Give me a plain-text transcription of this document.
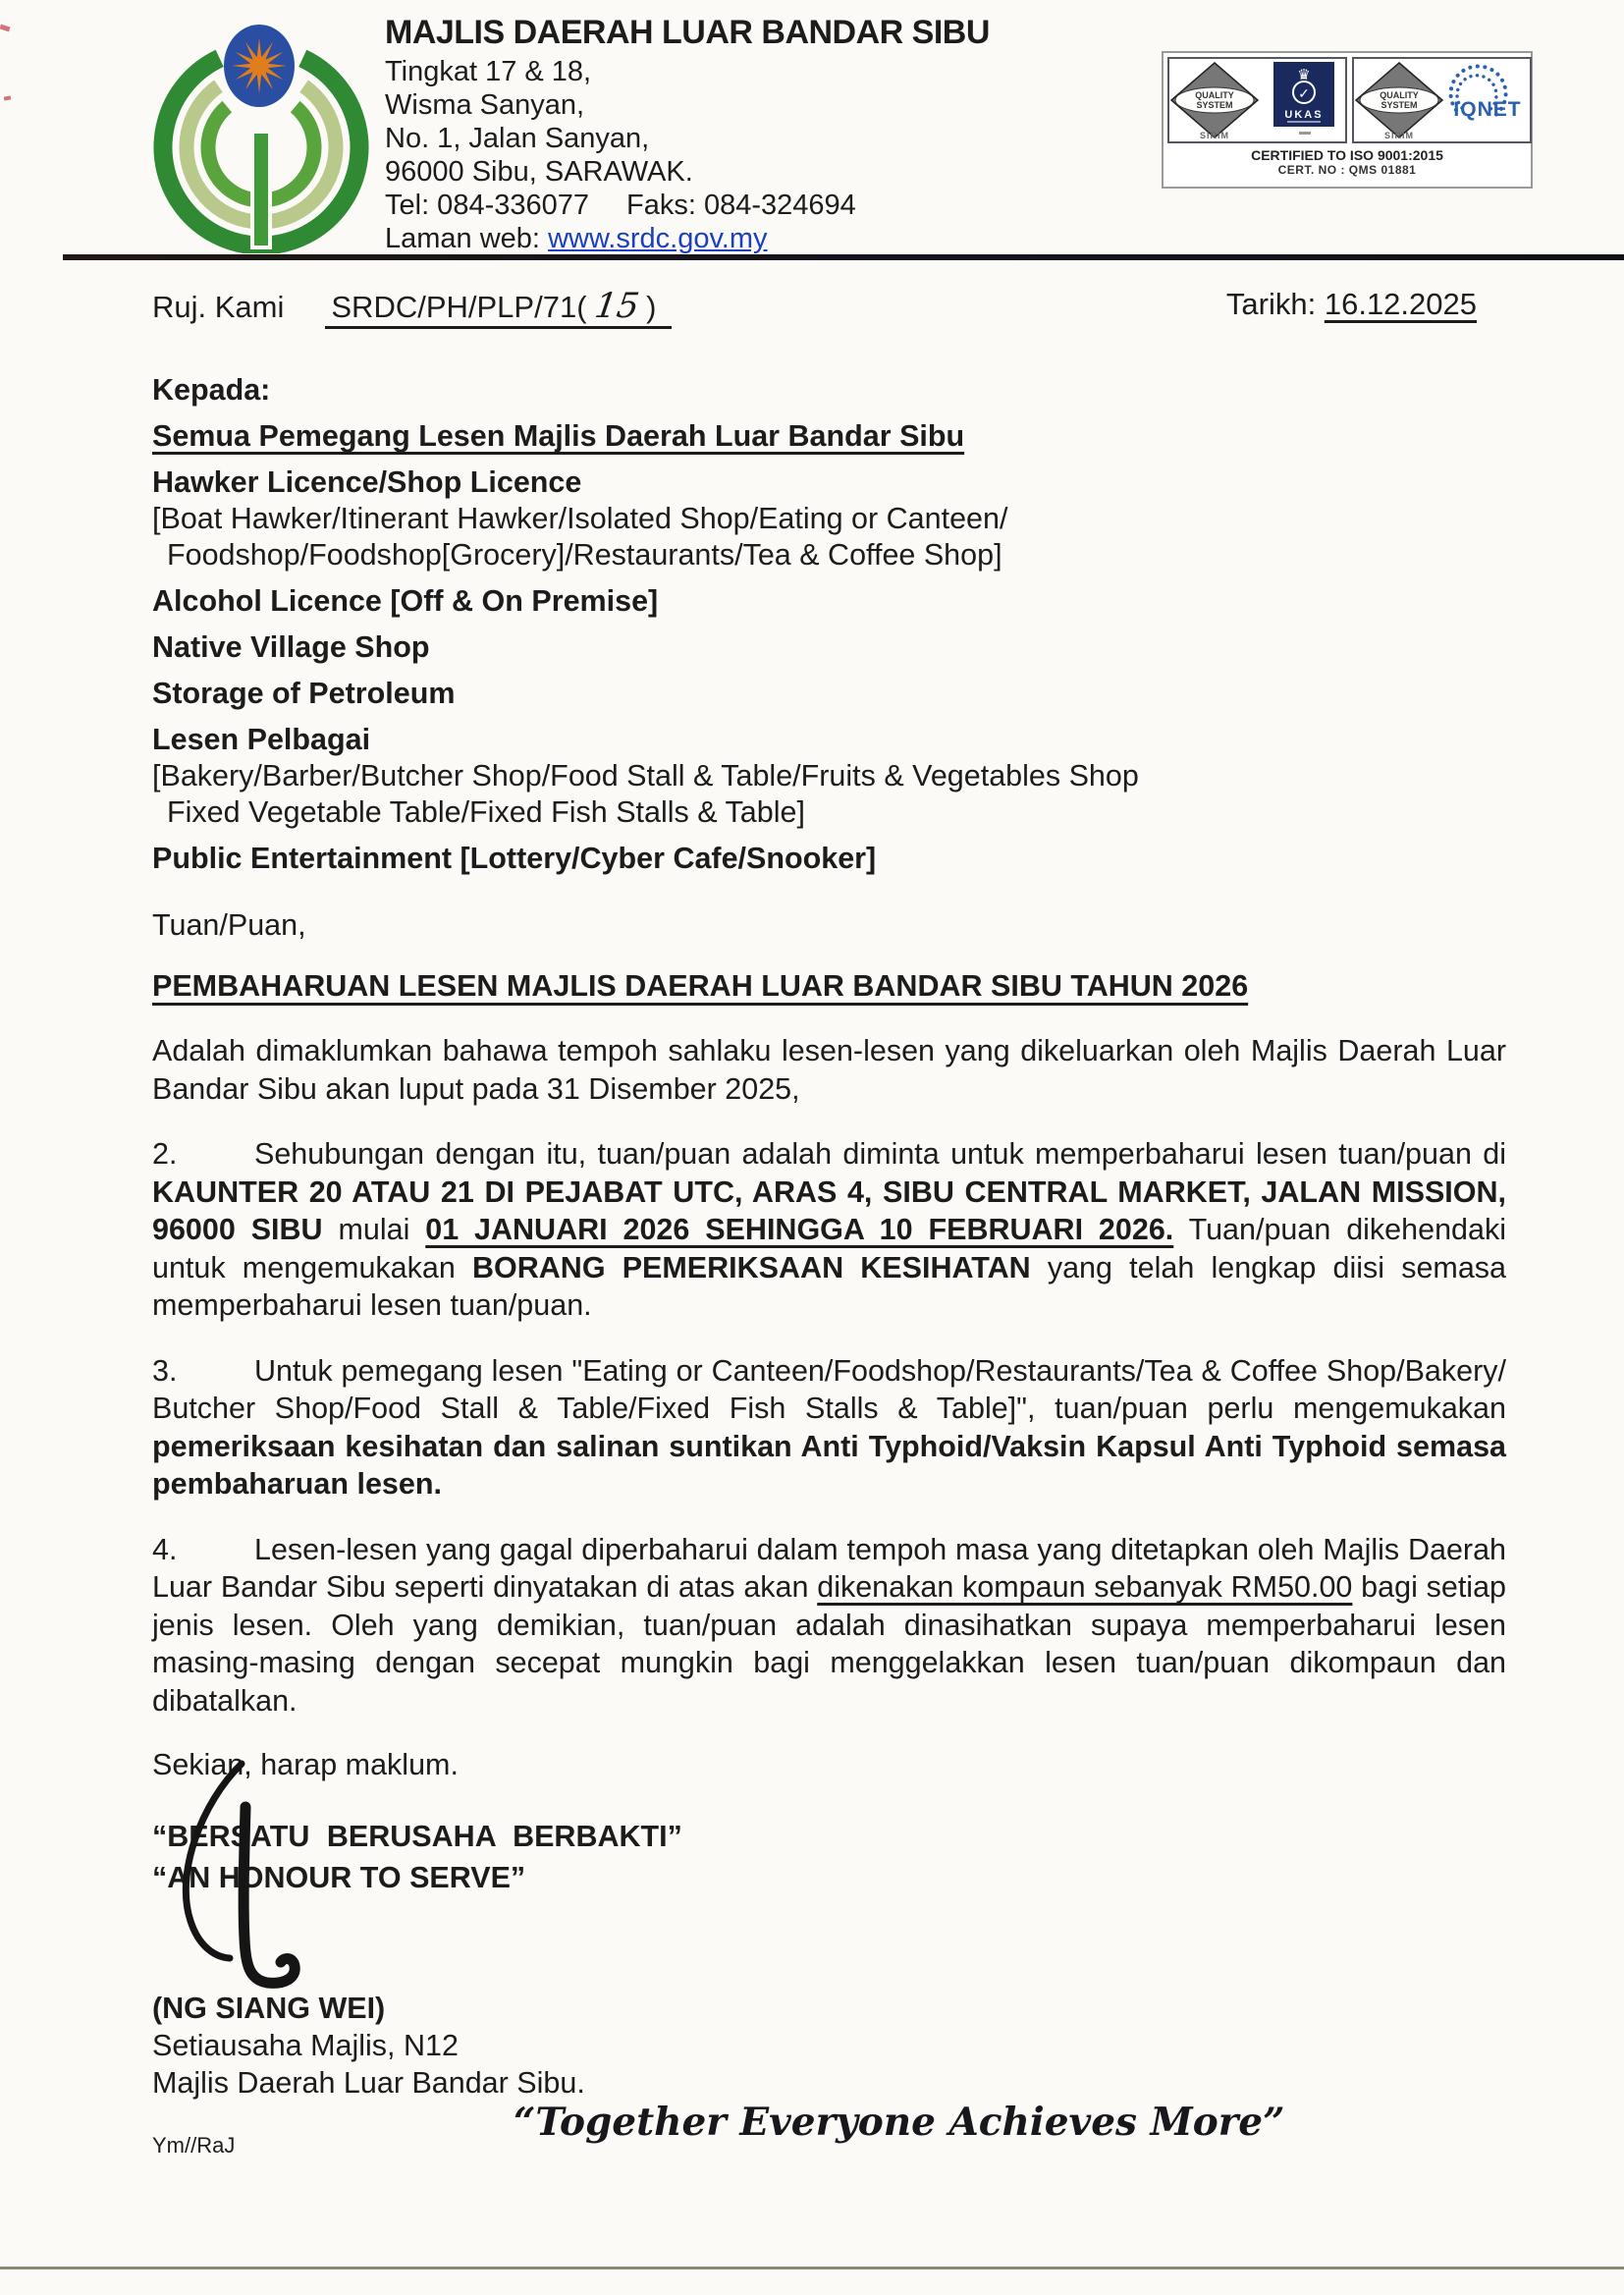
MAJLIS DAERAH LUAR BANDAR SIBU
Tingkat 17 & 18,
Wisma Sanyan,
No. 1, Jalan Sanyan,
96000 Sibu, SARAWAK.
Tel: 084-336077 Faks: 084-324694
Laman web: www.srdc.gov.my
QUALITY
SYSTEM
SIRIM
♛
✓
UKAS
QUALITY
SYSTEM
SIRIM
IQNET
CERTIFIED TO ISO 9001:2015
CERT. NO : QMS 01881
Ruj. Kami SRDC/PH/PLP/71( 15 )	Tarikh: 16.12.2025
Kepada:
Semua Pemegang Lesen Majlis Daerah Luar Bandar Sibu
Hawker Licence/Shop Licence
[Boat Hawker/Itinerant Hawker/Isolated Shop/Eating or Canteen/
Foodshop/Foodshop[Grocery]/Restaurants/Tea & Coffee Shop]
Alcohol Licence [Off & On Premise]
Native Village Shop
Storage of Petroleum
Lesen Pelbagai
[Bakery/Barber/Butcher Shop/Food Stall & Table/Fruits & Vegetables Shop
Fixed Vegetable Table/Fixed Fish Stalls & Table]
Public Entertainment [Lottery/Cyber Cafe/Snooker]
Tuan/Puan,
PEMBAHARUAN LESEN MAJLIS DAERAH LUAR BANDAR SIBU TAHUN 2026

Adalah dimaklumkan bahawa tempoh sahlaku lesen-lesen yang dikeluarkan oleh Majlis Daerah Luar Bandar Sibu akan luput pada 31 Disember 2025,

2.	Sehubungan dengan itu, tuan/puan adalah diminta untuk memperbaharui lesen tuan/puan di KAUNTER 20 ATAU 21 DI PEJABAT UTC, ARAS 4, SIBU CENTRAL MARKET, JALAN MISSION, 96000 SIBU mulai 01 JANUARI 2026 SEHINGGA 10 FEBRUARI 2026. Tuan/puan dikehendaki untuk mengemukakan BORANG PEMERIKSAAN KESIHATAN yang telah lengkap diisi semasa memperbaharui lesen tuan/puan.

3.	Untuk pemegang lesen "Eating or Canteen/Foodshop/Restaurants/Tea & Coffee Shop/Bakery/ Butcher Shop/Food Stall & Table/Fixed Fish Stalls & Table]", tuan/puan perlu mengemukakan pemeriksaan kesihatan dan salinan suntikan Anti Typhoid/Vaksin Kapsul Anti Typhoid semasa pembaharuan lesen.

4.	Lesen-lesen yang gagal diperbaharui dalam tempoh masa yang ditetapkan oleh Majlis Daerah Luar Bandar Sibu seperti dinyatakan di atas akan dikenakan kompaun sebanyak RM50.00 bagi setiap jenis lesen. Oleh yang demikian, tuan/puan adalah dinasihatkan supaya memperbaharui lesen masing-masing dengan secepat mungkin bagi menggelakkan lesen tuan/puan dikompaun dan dibatalkan.

Sekian, harap maklum.
“BERSATU BERUSAHA BERBAKTI”
“AN HONOUR TO SERVE”
(NG SIANG WEI)
Setiausaha Majlis, N12
Majlis Daerah Luar Bandar Sibu.
Ym//RaJ
“Together Everyone Achieves More”
